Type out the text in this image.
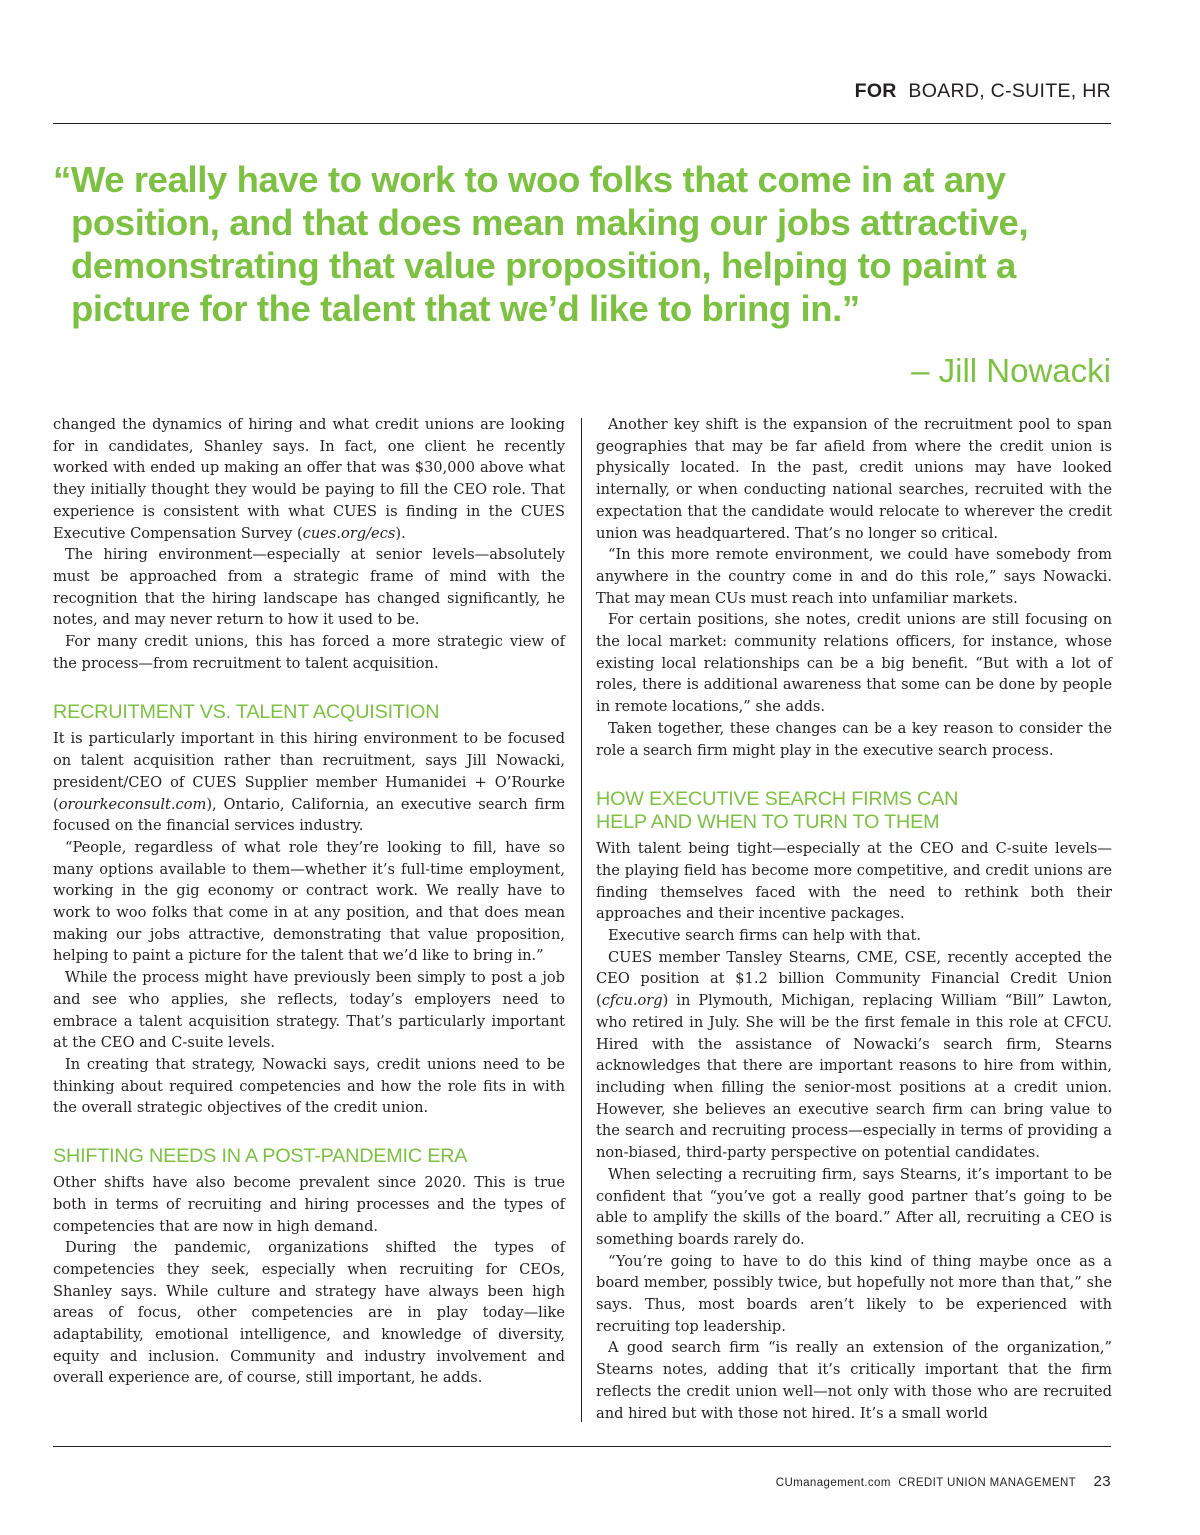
FOR BOARD, C-SUITE, HR

“We really have to work to woo folks that come in at any position, and that does mean making our jobs attractive, demonstrating that value proposition, helping to paint a picture for the talent that we’d like to bring in.”

– Jill Nowacki

changed the dynamics of hiring and what credit unions are looking for in candidates, Shanley says. In fact, one client he recently worked with ended up making an offer that was $30,000 above what they initially thought they would be paying to fill the CEO role. That experience is consistent with what CUES is finding in the CUES Executive Compensation Survey (cues.org/ecs).

The hiring environment—especially at senior levels—absolutely must be approached from a strategic frame of mind with the recognition that the hiring landscape has changed significantly, he notes, and may never return to how it used to be.

For many credit unions, this has forced a more strategic view of the process—from recruitment to talent acquisition.

RECRUITMENT VS. TALENT ACQUISITION

It is particularly important in this hiring environment to be focused on talent acquisition rather than recruitment, says Jill Nowacki, president/CEO of CUES Supplier member Humanidei + O’Rourke (orourkeconsult.com), Ontario, California, an executive search firm focused on the financial services industry.

“People, regardless of what role they’re looking to fill, have so many options available to them—whether it’s full-time employment, working in the gig economy or contract work. We really have to work to woo folks that come in at any position, and that does mean making our jobs attractive, demonstrating that value proposition, helping to paint a picture for the talent that we’d like to bring in.”

While the process might have previously been simply to post a job and see who applies, she reflects, today’s employers need to embrace a talent acquisition strategy. That’s particularly important at the CEO and C-suite levels.

In creating that strategy, Nowacki says, credit unions need to be thinking about required competencies and how the role fits in with the overall strategic objectives of the credit union.

SHIFTING NEEDS IN A POST-PANDEMIC ERA

Other shifts have also become prevalent since 2020. This is true both in terms of recruiting and hiring processes and the types of competencies that are now in high demand.

During the pandemic, organizations shifted the types of competencies they seek, especially when recruiting for CEOs, Shanley says. While culture and strategy have always been high areas of focus, other competencies are in play today—like adaptability, emotional intelligence, and knowledge of diversity, equity and inclusion. Community and industry involvement and overall experience are, of course, still important, he adds.

Another key shift is the expansion of the recruitment pool to span geographies that may be far afield from where the credit union is physically located. In the past, credit unions may have looked internally, or when conducting national searches, recruited with the expectation that the candidate would relocate to wherever the credit union was headquartered. That’s no longer so critical.

“In this more remote environment, we could have somebody from anywhere in the country come in and do this role,” says Nowacki. That may mean CUs must reach into unfamiliar markets.

For certain positions, she notes, credit unions are still focusing on the local market: community relations officers, for instance, whose existing local relationships can be a big benefit. “But with a lot of roles, there is additional awareness that some can be done by people in remote locations,” she adds.

Taken together, these changes can be a key reason to consider the role a search firm might play in the executive search process.

HOW EXECUTIVE SEARCH FIRMS CAN
HELP AND WHEN TO TURN TO THEM

With talent being tight—especially at the CEO and C-suite levels—the playing field has become more competitive, and credit unions are finding themselves faced with the need to rethink both their approaches and their incentive packages.

Executive search firms can help with that.

CUES member Tansley Stearns, CME, CSE, recently accepted the CEO position at $1.2 billion Community Financial Credit Union (cfcu.org) in Plymouth, Michigan, replacing William “Bill” Lawton, who retired in July. She will be the first female in this role at CFCU. Hired with the assistance of Nowacki’s search firm, Stearns acknowledges that there are important reasons to hire from within, including when filling the senior-most positions at a credit union. However, she believes an executive search firm can bring value to the search and recruiting process—especially in terms of providing a non-biased, third-party perspective on potential candidates.

When selecting a recruiting firm, says Stearns, it’s important to be confident that “you’ve got a really good partner that’s going to be able to amplify the skills of the board.” After all, recruiting a CEO is something boards rarely do.

“You’re going to have to do this kind of thing maybe once as a board member, possibly twice, but hopefully not more than that,” she says. Thus, most boards aren’t likely to be experienced with recruiting top leadership.

A good search firm “is really an extension of the organization,” Stearns notes, adding that it’s critically important that the firm reflects the credit union well—not only with those who are recruited and hired but with those not hired. It’s a small world

CUmanagement.com CREDIT UNION MANAGEMENT 23
